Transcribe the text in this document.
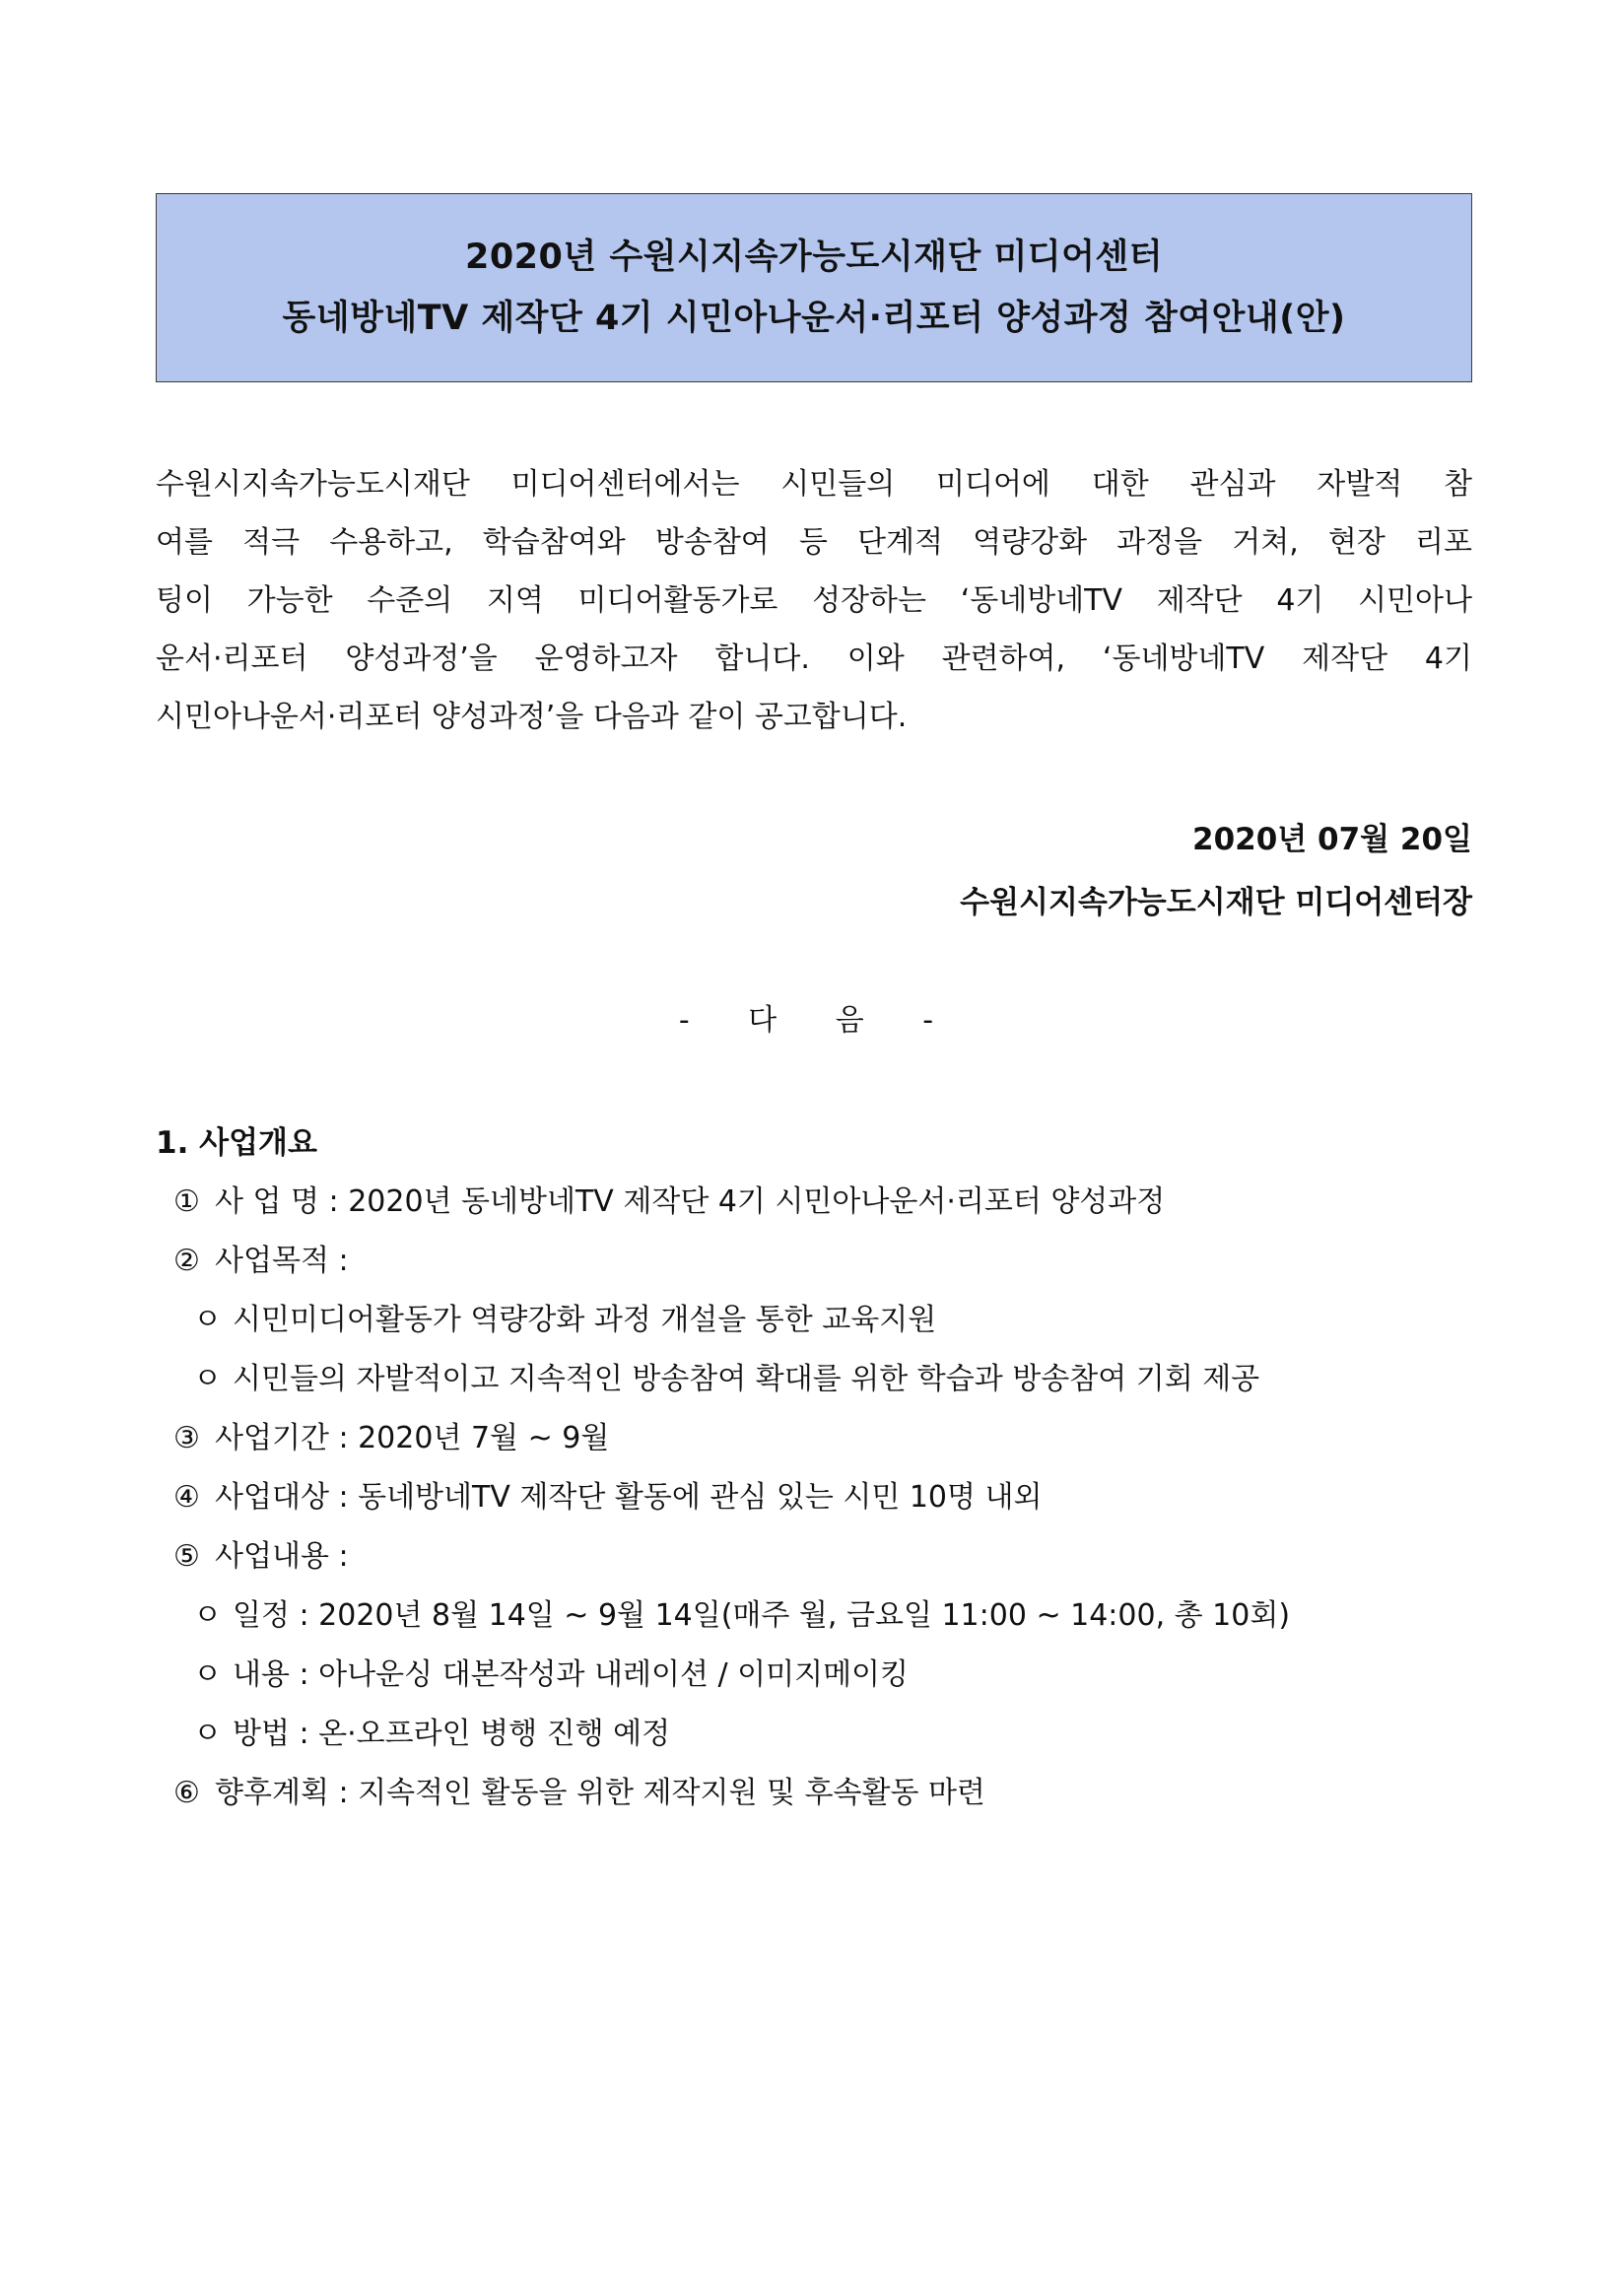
2020년 수원시지속가능도시재단 미디어센터
동네방네TV 제작단 4기 시민아나운서·리포터 양성과정 참여안내(안)
수원시지속가능도시재단 미디어센터에서는 시민들의 미디어에 대한 관심과 자발적 참
여를 적극 수용하고, 학습참여와 방송참여 등 단계적 역량강화 과정을 거쳐, 현장 리포
팅이 가능한 수준의 지역 미디어활동가로 성장하는 ‘동네방네TV 제작단 4기 시민아나
운서·리포터 양성과정’을 운영하고자 합니다. 이와 관련하여, ‘동네방네TV 제작단 4기
시민아나운서·리포터 양성과정’을 다음과 같이 공고합니다.
2020년 07월 20일
수원시지속가능도시재단 미디어센터장
- 다 음 -
1. 사업개요
① 사 업 명 : 2020년 동네방네TV 제작단 4기 시민아나운서·리포터 양성과정
② 사업목적 :
ㅇ 시민미디어활동가 역량강화 과정 개설을 통한 교육지원
ㅇ 시민들의 자발적이고 지속적인 방송참여 확대를 위한 학습과 방송참여 기회 제공
③ 사업기간 : 2020년 7월 ~ 9월
④ 사업대상 : 동네방네TV 제작단 활동에 관심 있는 시민 10명 내외
⑤ 사업내용 :
ㅇ 일정 : 2020년 8월 14일 ~ 9월 14일(매주 월, 금요일 11:00 ~ 14:00, 총 10회)
ㅇ 내용 : 아나운싱 대본작성과 내레이션 / 이미지메이킹
ㅇ 방법 : 온·오프라인 병행 진행 예정
⑥ 향후계획 : 지속적인 활동을 위한 제작지원 및 후속활동 마련
